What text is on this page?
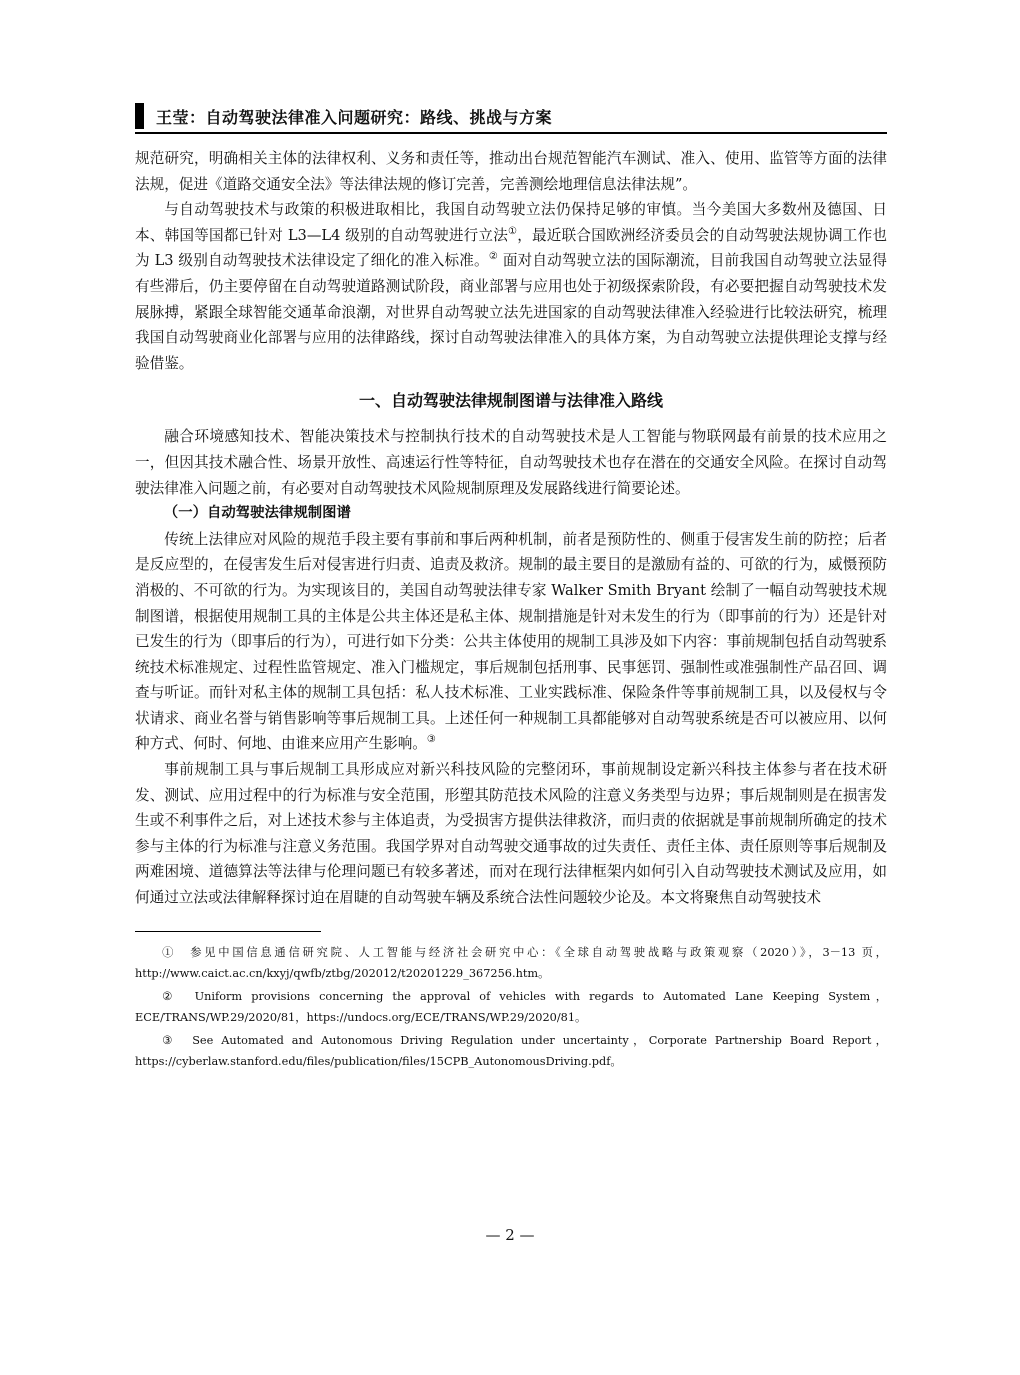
王莹：自动驾驶法律准入问题研究：路线、挑战与方案

规范研究，明确相关主体的法律权利、义务和责任等，推动出台规范智能汽车测试、准入、使用、监管等方面的法律法规，促进《道路交通安全法》等法律法规的修订完善，完善测绘地理信息法律法规”。

与自动驾驶技术与政策的积极进取相比，我国自动驾驶立法仍保持足够的审慎。当今美国大多数州及德国、日本、韩国等国都已针对 L3—L4 级别的自动驾驶进行立法①，最近联合国欧洲经济委员会的自动驾驶法规协调工作也为 L3 级别自动驾驶技术法律设定了细化的准入标准。② 面对自动驾驶立法的国际潮流，目前我国自动驾驶立法显得有些滞后，仍主要停留在自动驾驶道路测试阶段，商业部署与应用也处于初级探索阶段，有必要把握自动驾驶技术发展脉搏，紧跟全球智能交通革命浪潮，对世界自动驾驶立法先进国家的自动驾驶法律准入经验进行比较法研究，梳理我国自动驾驶商业化部署与应用的法律路线，探讨自动驾驶法律准入的具体方案，为自动驾驶立法提供理论支撑与经验借鉴。

一、自动驾驶法律规制图谱与法律准入路线

融合环境感知技术、智能决策技术与控制执行技术的自动驾驶技术是人工智能与物联网最有前景的技术应用之一，但因其技术融合性、场景开放性、高速运行性等特征，自动驾驶技术也存在潜在的交通安全风险。在探讨自动驾驶法律准入问题之前，有必要对自动驾驶技术风险规制原理及发展路线进行简要论述。

（一）自动驾驶法律规制图谱

传统上法律应对风险的规范手段主要有事前和事后两种机制，前者是预防性的、侧重于侵害发生前的防控；后者是反应型的，在侵害发生后对侵害进行归责、追责及救济。规制的最主要目的是激励有益的、可欲的行为，威慑预防消极的、不可欲的行为。为实现该目的，美国自动驾驶法律专家 Walker Smith Bryant 绘制了一幅自动驾驶技术规制图谱，根据使用规制工具的主体是公共主体还是私主体、规制措施是针对未发生的行为（即事前的行为）还是针对已发生的行为（即事后的行为），可进行如下分类：公共主体使用的规制工具涉及如下内容：事前规制包括自动驾驶系统技术标准规定、过程性监管规定、准入门槛规定，事后规制包括刑事、民事惩罚、强制性或准强制性产品召回、调查与听证。而针对私主体的规制工具包括：私人技术标准、工业实践标准、保险条件等事前规制工具，以及侵权与令状请求、商业名誉与销售影响等事后规制工具。上述任何一种规制工具都能够对自动驾驶系统是否可以被应用、以何种方式、何时、何地、由谁来应用产生影响。③

事前规制工具与事后规制工具形成应对新兴科技风险的完整闭环，事前规制设定新兴科技主体参与者在技术研发、测试、应用过程中的行为标准与安全范围，形塑其防范技术风险的注意义务类型与边界；事后规制则是在损害发生或不利事件之后，对上述技术参与主体追责，为受损害方提供法律救济，而归责的依据就是事前规制所确定的技术参与主体的行为标准与注意义务范围。我国学界对自动驾驶交通事故的过失责任、责任主体、责任原则等事后规制及两难困境、道德算法等法律与伦理问题已有较多著述，而对在现行法律框架内如何引入自动驾驶技术测试及应用，如何通过立法或法律解释探讨迫在眉睫的自动驾驶车辆及系统合法性问题较少论及。本文将聚焦自动驾驶技术

①　 参见中国信息通信研究院、人工智能与经济社会研究中心：《全球自动驾驶战略与政策观察（2020）》，3－13 页，http://www.caict.ac.cn/kxyj/qwfb/ztbg/202012/t20201229_367256.htm。

②　 Uniform provisions concerning the approval of vehicles with regards to Automated Lane Keeping System，ECE/TRANS/WP.29/2020/81，https://undocs.org/ECE/TRANS/WP.29/2020/81。

③　 See Automated and Autonomous Driving Regulation under uncertainty，Corporate Partnership Board Report，https://cyberlaw.stanford.edu/files/publication/files/15CPB_AutonomousDriving.pdf。

— 2 —
